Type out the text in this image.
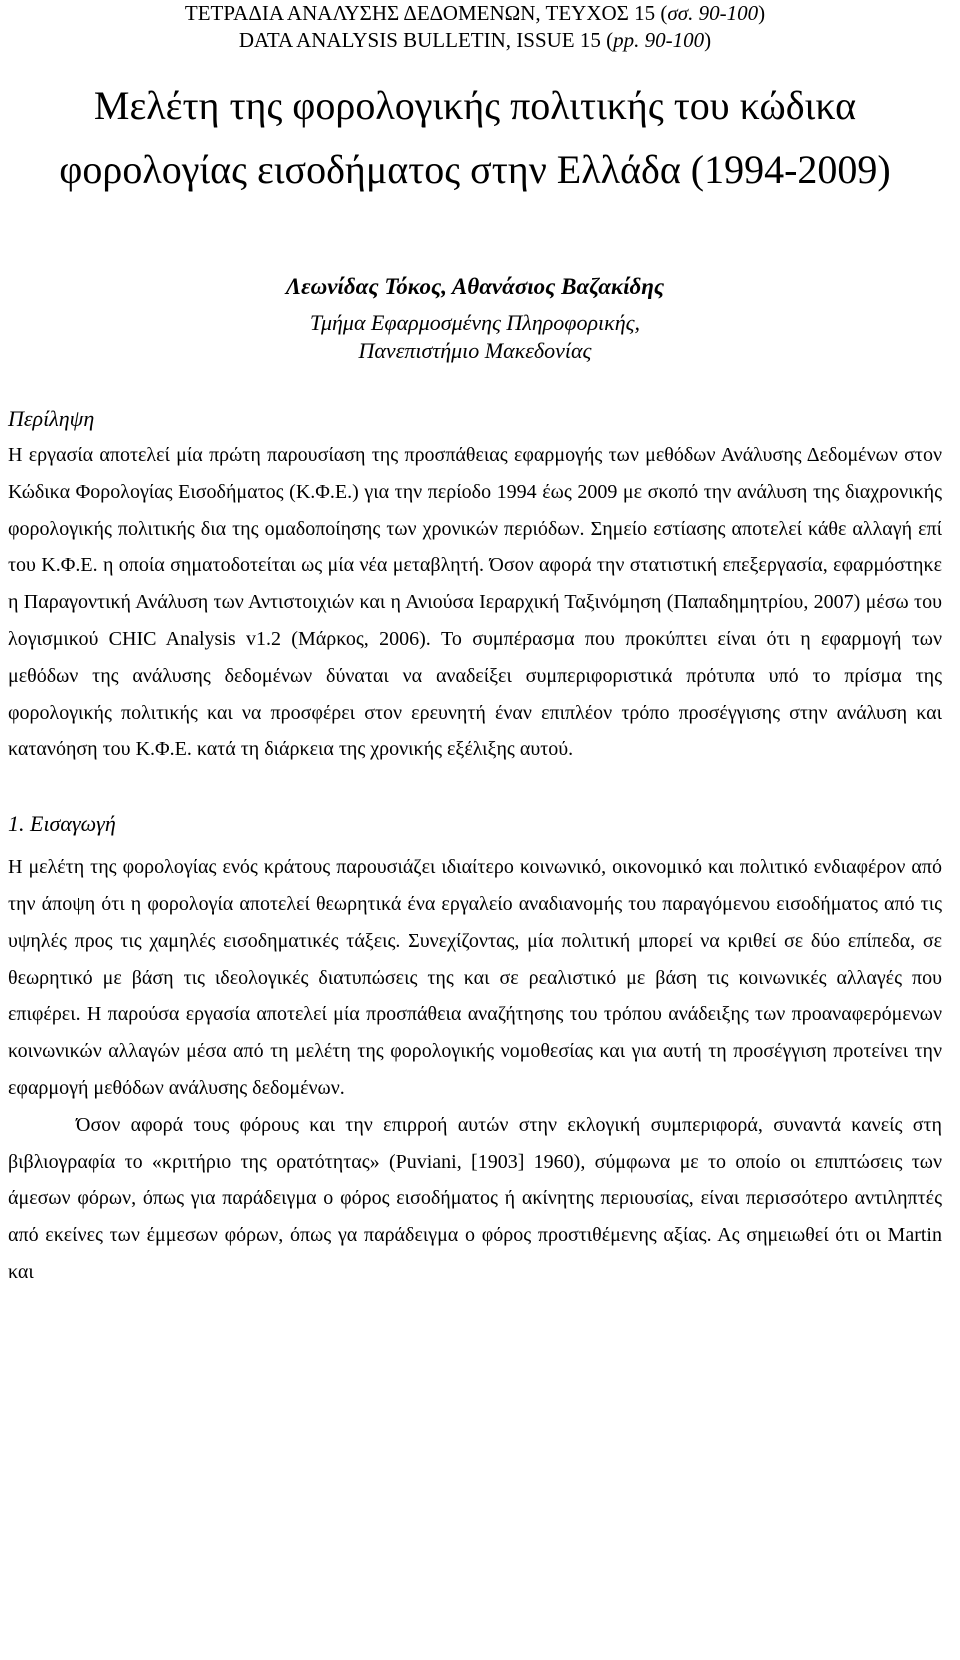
ΤΕΤΡΑΔΙΑ ΑΝΑΛΥΣΗΣ ΔΕΔΟΜΕΝΩΝ, ΤΕΥΧΟΣ 15 (σσ. 90-100)
DATA ANALYSIS BULLETIN, ISSUE 15 (pp. 90-100)
Μελέτη της φορολογικής πολιτικής του κώδικα
φορολογίας εισοδήματος στην Ελλάδα (1994-2009)
Λεωνίδας Τόκος, Αθανάσιος Βαζακίδης
Τμήμα Εφαρμοσμένης Πληροφορικής,
Πανεπιστήμιο Μακεδονίας
Περίληψη

Η εργασία αποτελεί μία πρώτη παρουσίαση της προσπάθειας εφαρμογής των μεθόδων Ανάλυσης Δεδομένων στον Κώδικα Φορολογίας Εισοδήματος (Κ.Φ.Ε.) για την περίοδο 1994 έως 2009 με σκοπό την ανάλυση της διαχρονικής φορολογικής πολιτικής δια της ομαδοποίησης των χρονικών περιόδων. Σημείο εστίασης αποτελεί κάθε αλλαγή επί του Κ.Φ.Ε. η οποία σηματοδοτείται ως μία νέα μεταβλητή. Όσον αφορά την στατιστική επεξεργασία, εφαρμόστηκε η Παραγοντική Ανάλυση των Αντιστοιχιών και η Ανιούσα Ιεραρχική Ταξινόμηση (Παπαδημητρίου, 2007) μέσω του λογισμικού CHIC Analysis v1.2 (Μάρκος, 2006). Το συμπέρασμα που προκύπτει είναι ότι η εφαρμογή των μεθόδων της ανάλυσης δεδομένων δύναται να αναδείξει συμπεριφοριστικά πρότυπα υπό το πρίσμα της φορολογικής πολιτικής και να προσφέρει στον ερευνητή έναν επιπλέον τρόπο προσέγγισης στην ανάλυση και κατανόηση του Κ.Φ.Ε. κατά τη διάρκεια της χρονικής εξέλιξης αυτού.

1. Εισαγωγή

Η μελέτη της φορολογίας ενός κράτους παρουσιάζει ιδιαίτερο κοινωνικό, οικονομικό και πολιτικό ενδιαφέρον από την άποψη ότι η φορολογία αποτελεί θεωρητικά ένα εργαλείο αναδιανομής του παραγόμενου εισοδήματος από τις υψηλές προς τις χαμηλές εισοδηματικές τάξεις. Συνεχίζοντας, μία πολιτική μπορεί να κριθεί σε δύο επίπεδα, σε θεωρητικό με βάση τις ιδεολογικές διατυπώσεις της και σε ρεαλιστικό με βάση τις κοινωνικές αλλαγές που επιφέρει. Η παρούσα εργασία αποτελεί μία προσπάθεια αναζήτησης του τρόπου ανάδειξης των προαναφερόμενων κοινωνικών αλλαγών μέσα από τη μελέτη της φορολογικής νομοθεσίας και για αυτή τη προσέγγιση προτείνει την εφαρμογή μεθόδων ανάλυσης δεδομένων.

Όσον αφορά τους φόρους και την επιρροή αυτών στην εκλογική συμπεριφορά, συναντά κανείς στη βιβλιογραφία το «κριτήριο της ορατότητας» (Puviani, [1903] 1960), σύμφωνα με το οποίο οι επιπτώσεις των άμεσων φόρων, όπως για παράδειγμα ο φόρος εισοδήματος ή ακίνητης περιουσίας, είναι περισσότερο αντιληπτές από εκείνες των έμμεσων φόρων, όπως γα παράδειγμα ο φόρος προστιθέμενης αξίας. Ας σημειωθεί ότι οι Martin και
